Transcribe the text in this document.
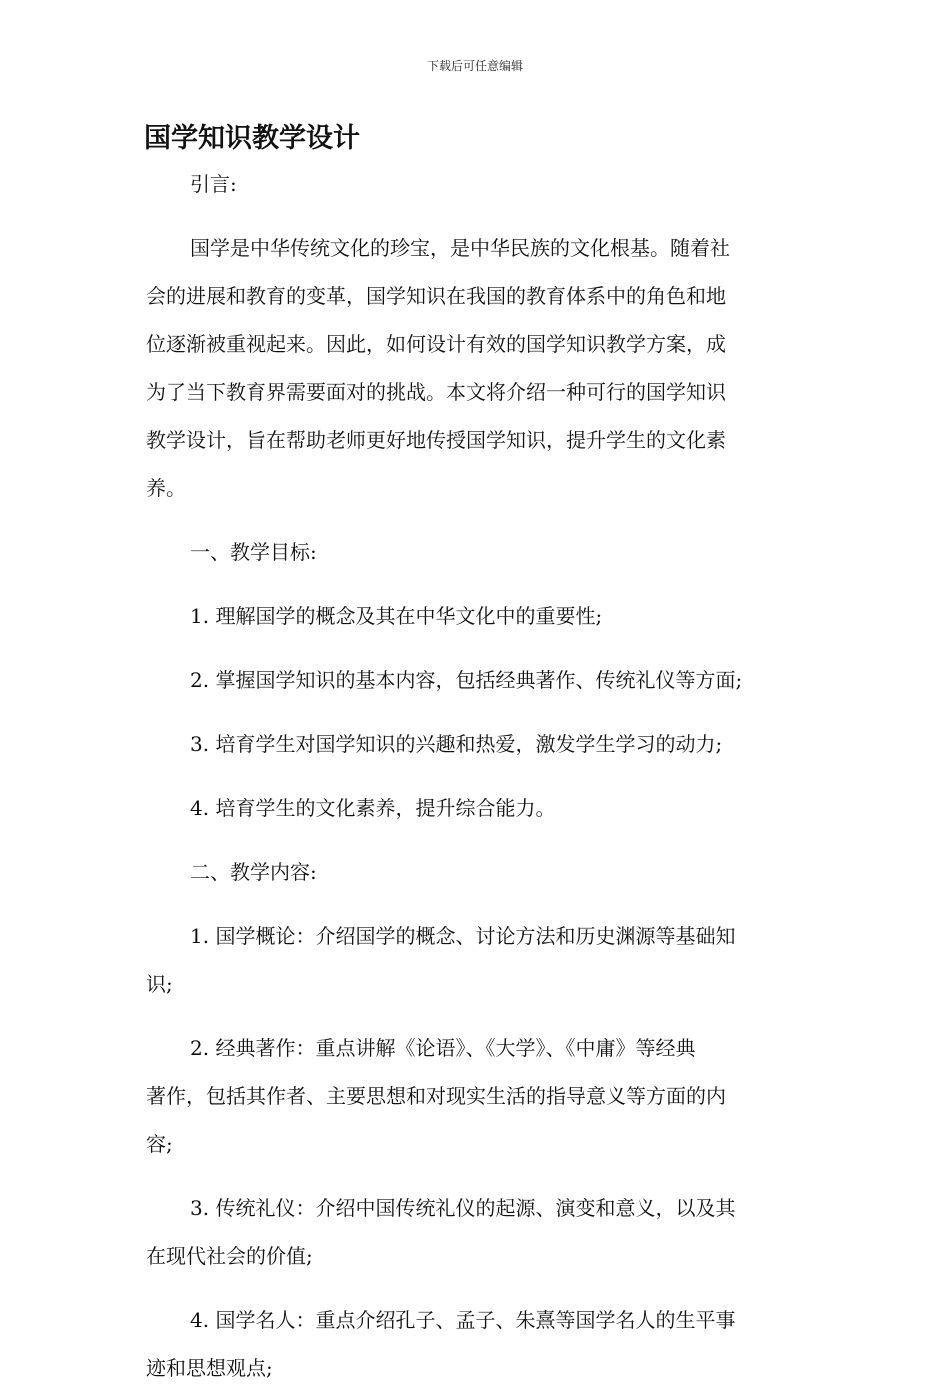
下载后可任意编辑
国学知识教学设计
引言:
国学是中华传统文化的珍宝，是中华民族的文化根基。随着社
会的进展和教育的变革，国学知识在我国的教育体系中的角色和地
位逐渐被重视起来。因此，如何设计有效的国学知识教学方案，成
为了当下教育界需要面对的挑战。本文将介绍一种可行的国学知识
教学设计，旨在帮助老师更好地传授国学知识，提升学生的文化素
养。
一、教学目标:
1. 理解国学的概念及其在中华文化中的重要性;
2. 掌握国学知识的基本内容，包括经典著作、传统礼仪等方面;
3. 培育学生对国学知识的兴趣和热爱，激发学生学习的动力;
4. 培育学生的文化素养，提升综合能力。
二、教学内容:
1. 国学概论：介绍国学的概念、讨论方法和历史渊源等基础知
识;
2. 经典著作：重点讲解《论语》、《大学》、《中庸》等经典
著作，包括其作者、主要思想和对现实生活的指导意义等方面的内
容;
3. 传统礼仪：介绍中国传统礼仪的起源、演变和意义，以及其
在现代社会的价值;
4. 国学名人：重点介绍孔子、孟子、朱熹等国学名人的生平事
迹和思想观点;
